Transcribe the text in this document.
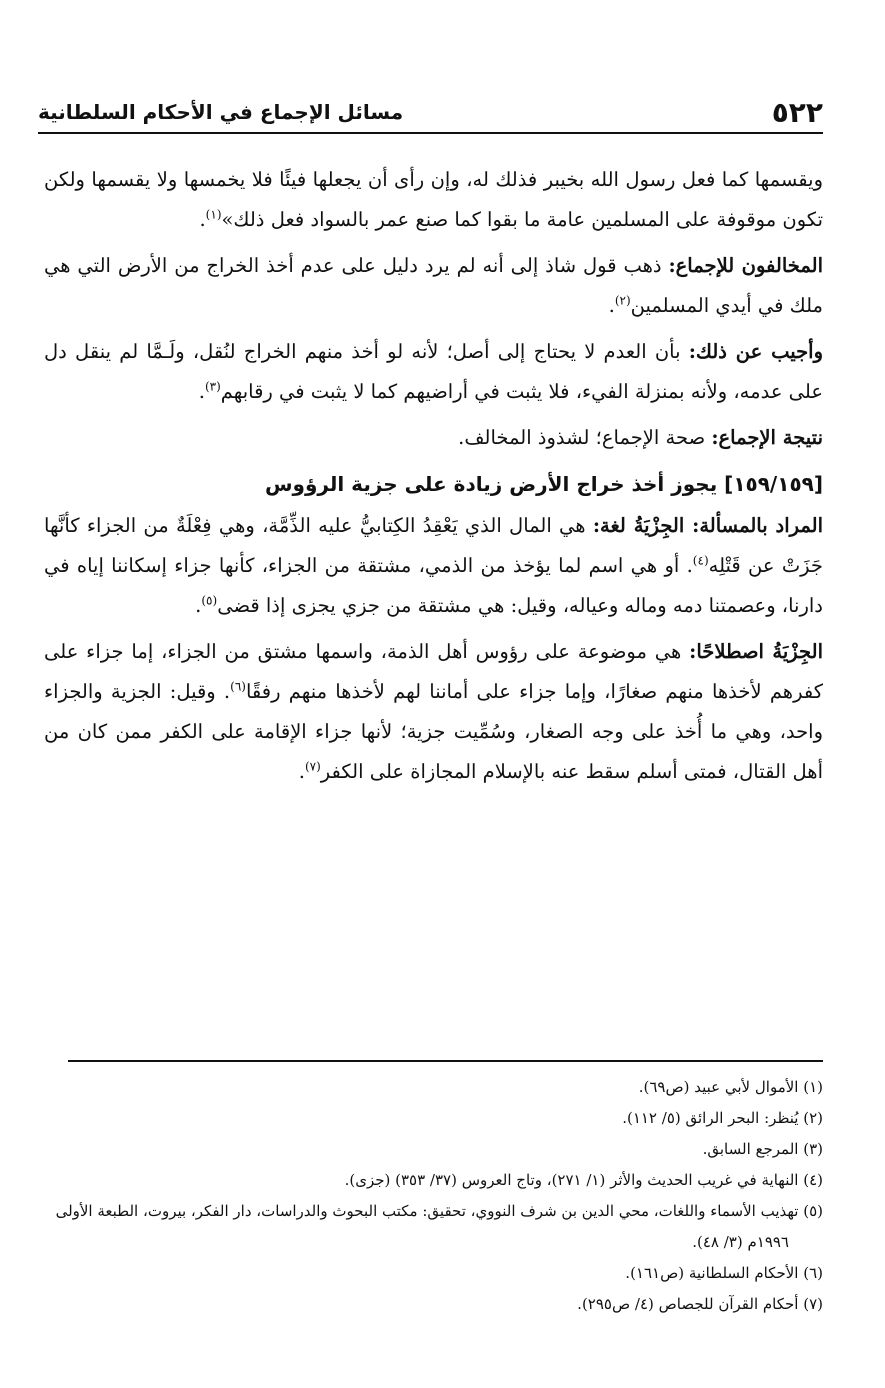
٥٢٢
مسائل الإجماع في الأحكام السلطانية

ويقسمها كما فعل رسول الله بخيبر فذلك له، وإن رأى أن يجعلها فيئًا فلا يخمسها ولا يقسمها ولكن تكون موقوفة على المسلمين عامة ما بقوا كما صنع عمر بالسواد فعل ذلك»$^{(١)}$.

المخالفون للإجماع: ذهب قول شاذ إلى أنه لم يرد دليل على عدم أخذ الخراج من الأرض التي هي ملك في أيدي المسلمين$^{(٢)}$.

وأجيب عن ذلك: بأن العدم لا يحتاج إلى أصل؛ لأنه لو أخذ منهم الخراج لنُقل، ولَـمَّا لم ينقل دل على عدمه، ولأنه بمنزلة الفيء، فلا يثبت في أراضيهم كما لا يثبت في رقابهم$^{(٣)}$.

نتيجة الإجماع: صحة الإجماع؛ لشذوذ المخالف.

[١٥٩/١٥٩] يجوز أخذ خراج الأرض زيادة على جزية الرؤوس

المراد بالمسألة: الجِزْيَةُ لغة: هي المال الذي يَعْقِدُ الكِتابيُّ عليه الذِّمَّة، وهي فِعْلَةٌ من الجزاء كأنَّها جَزَتْ عن قَتْلِه$^{(٤)}$. أو هي اسم لما يؤخذ من الذمي، مشتقة من الجزاء، كأنها جزاء إسكاننا إياه في دارنا، وعصمتنا دمه وماله وعياله، وقيل: هي مشتقة من جزي يجزى إذا قضى$^{(٥)}$.

الجِزْيَةُ اصطلاحًا: هي موضوعة على رؤوس أهل الذمة، واسمها مشتق من الجزاء، إما جزاء على كفرهم لأخذها منهم صغارًا، وإما جزاء على أماننا لهم لأخذها منهم رفقًا$^{(٦)}$. وقيل: الجزية والجزاء واحد، وهي ما أُخذ على وجه الصغار، وسُمِّيت جزية؛ لأنها جزاء الإقامة على الكفر ممن كان من أهل القتال، فمتى أسلم سقط عنه بالإسلام المجازاة على الكفر$^{(٧)}$.

(١) الأموال لأبي عبيد (ص٦٩).
(٢) يُنظر: البحر الرائق (٥/ ١١٢).
(٣) المرجع السابق.
(٤) النهاية في غريب الحديث والأثر (١/ ٢٧١)، وتاج العروس (٣٧/ ٣٥٣) (جزى).
(٥) تهذيب الأسماء واللغات، محي الدين بن شرف النووي، تحقيق: مكتب البحوث والدراسات، دار الفكر، بيروت، الطبعة الأولى ١٩٩٦م (٣/ ٤٨).
(٦) الأحكام السلطانية (ص١٦١).
(٧) أحكام القرآن للجصاص (٤/ ص٢٩٥).
